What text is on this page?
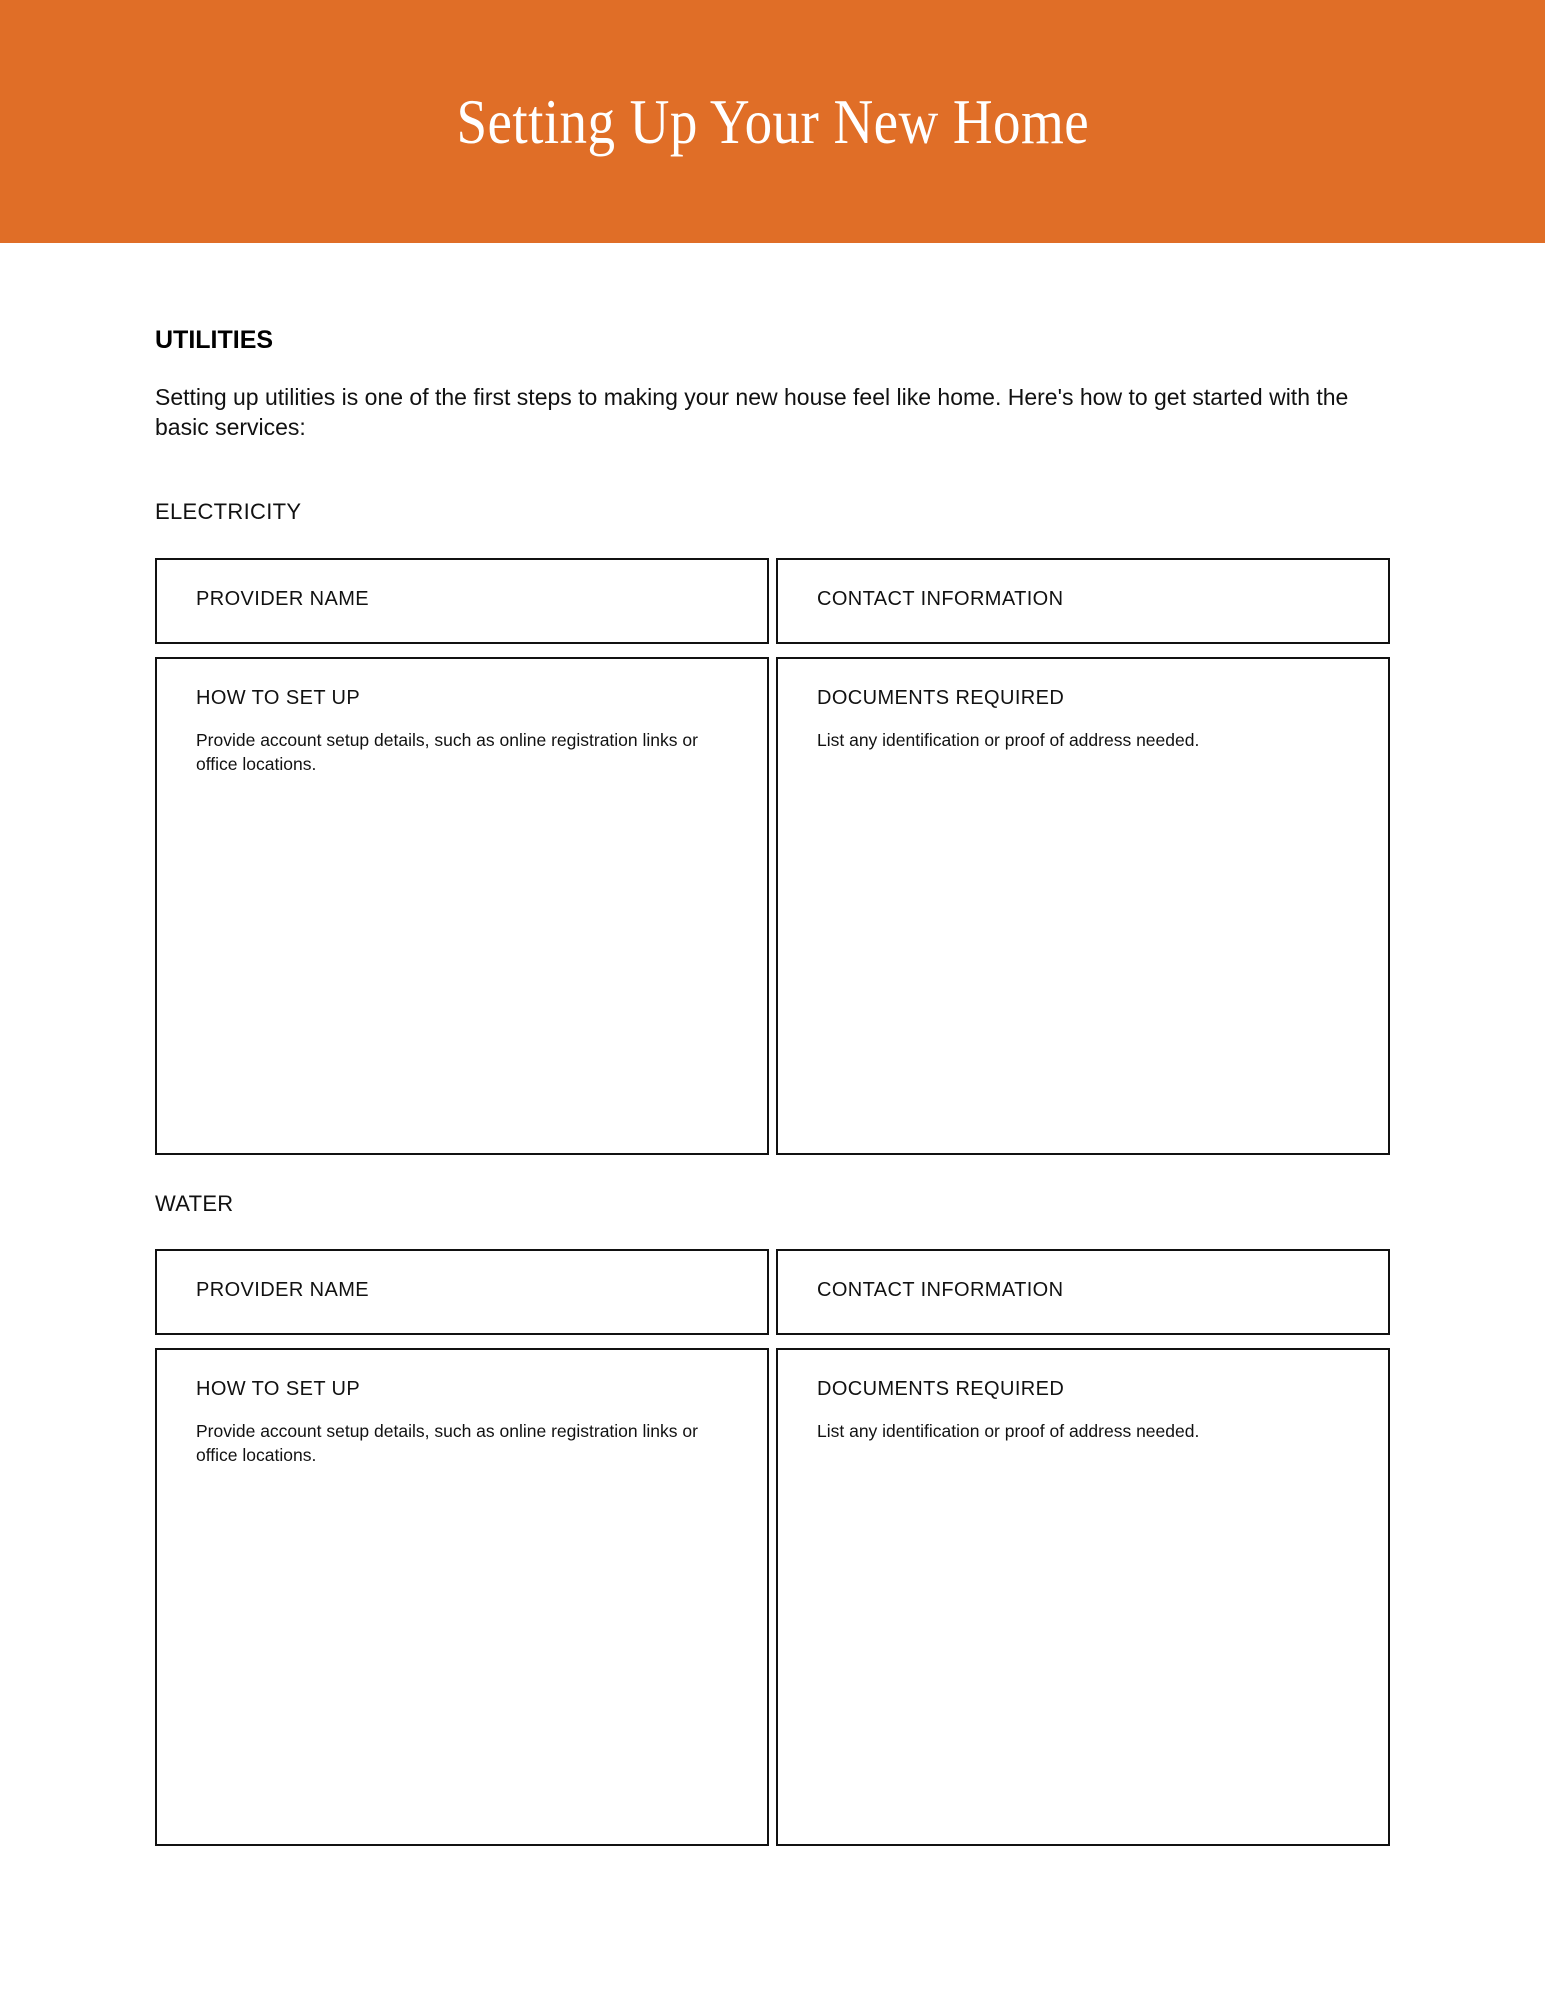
Setting Up Your New Home
UTILITIES

Setting up utilities is one of the first steps to making your new house feel like home. Here's how to get started with the basic services:

ELECTRICITY

PROVIDER NAME	CONTACT INFORMATION
HOW TO SET UP
Provide account setup details, such as online registration links or office locations.
DOCUMENTS REQUIRED
List any identification or proof of address needed.

WATER

PROVIDER NAME	CONTACT INFORMATION
HOW TO SET UP
Provide account setup details, such as online registration links or office locations.
DOCUMENTS REQUIRED
List any identification or proof of address needed.
